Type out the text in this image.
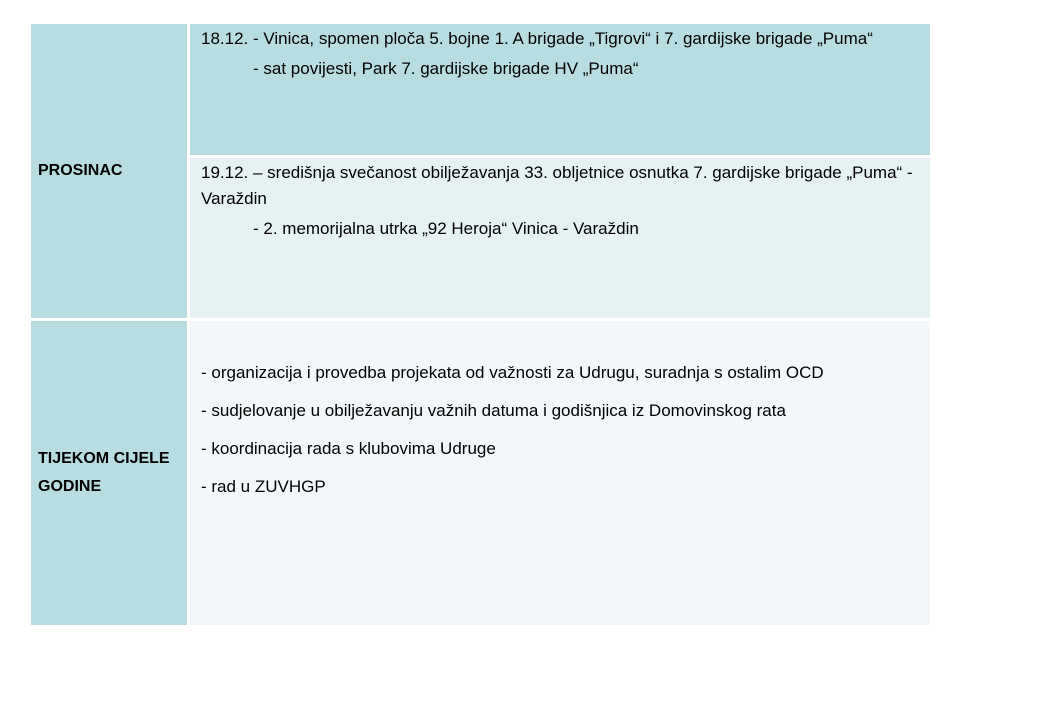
PROSINAC

18.12. - Vinica, spomen ploča 5. bojne 1. A brigade „Tigrovi“ i 7. gardijske brigade „Puma“

- sat povijesti, Park 7. gardijske brigade HV „Puma“

19.12. – središnja svečanost obilježavanja 33. obljetnice osnutka 7. gardijske brigade „Puma“ - Varaždin

- 2. memorijalna utrka „92 Heroja“ Vinica - Varaždin
TIJEKOM CIJELE GODINE
- organizacija i provedba projekata od važnosti za Udrugu, suradnja s ostalim OCD
- sudjelovanje u obilježavanju važnih datuma i godišnjica iz Domovinskog rata
- koordinacija rada s klubovima Udruge
- rad u ZUVHGP
